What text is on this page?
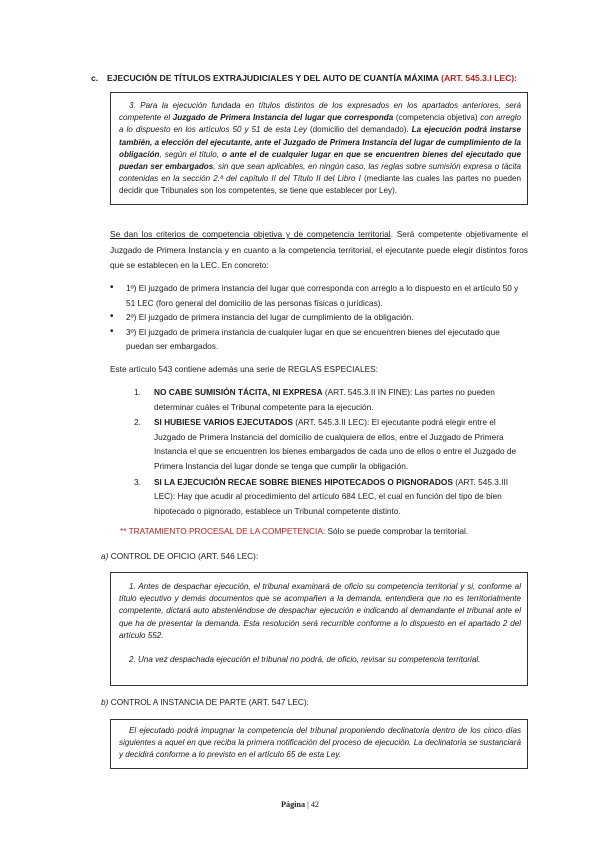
c. EJECUCIÓN DE TÍTULOS EXTRAJUDICIALES Y DEL AUTO DE CUANTÍA MÁXIMA (ART. 545.3.I LEC):

3. Para la ejecución fundada en títulos distintos de los expresados en los apartados anteriores, será competente el Juzgado de Primera Instancia del lugar que corresponda (competencia objetiva) con arreglo a lo dispuesto en los artículos 50 y 51 de esta Ley (domicilio del demandado). La ejecución podrá instarse también, a elección del ejecutante, ante el Juzgado de Primera Instancia del lugar de cumplimiento de la obligación, según el título, o ante el de cualquier lugar en que se encuentren bienes del ejecutado que puedan ser embargados, sin que sean aplicables, en ningún caso, las reglas sobre sumisión expresa o tácita contenidas en la sección 2.ª del capítulo II del Título II del Libro I (mediante las cuales las partes no pueden decidir que Tribunales son los competentes, se tiene que establecer por Ley).

Se dan los criterios de competencia objetiva y de competencia territorial. Será competente objetivamente el Juzgado de Primera Instancia y en cuanto a la competencia territorial, el ejecutante puede elegir distintos foros que se establecen en la LEC. En concreto:
• 1º) El juzgado de primera instancia del lugar que corresponda con arreglo a lo dispuesto en el artículo 50 y 51 LEC (foro general del domicilio de las personas físicas o jurídicas).
• 2º) El juzgado de primera instancia del lugar de cumplimiento de la obligación.
• 3º) El juzgado de primera instancia de cualquier lugar en que se encuentren bienes del ejecutado que puedan ser embargados.
Este artículo 543 contiene además una serie de REGLAS ESPECIALES:
1. NO CABE SUMISIÓN TÁCITA, NI EXPRESA (ART. 545.3.II IN FINE): Las partes no pueden determinar cuáles el Tribunal competente para la ejecución.
2. SI HUBIESE VARIOS EJECUTADOS (ART. 545.3.II LEC): El ejecutante podrá elegir entre el Juzgado de Primera Instancia del domicilio de cualquiera de ellos, entre el Juzgado de Primera Instancia el que se encuentren los bienes embargados de cada uno de ellos o entre el Juzgado de Primera Instancia del lugar donde se tenga que cumplir la obligación.
3. SI LA EJECUCIÓN RECAE SOBRE BIENES HIPOTECADOS O PIGNORADOS (ART. 545.3.III LEC): Hay que acudir al procedimiento del artículo 684 LEC, el cual en función del tipo de bien hipotecado o pignorado, establece un Tribunal competente distinto.
** TRATAMIENTO PROCESAL DE LA COMPETENCIA: Sólo se puede comprobar la territorial.
a) CONTROL DE OFICIO (ART. 546 LEC):

1. Antes de despachar ejecución, el tribunal examinará de oficio su competencia territorial y si, conforme al título ejecutivo y demás documentos que se acompañen a la demanda, entendiera que no es territorialmente competente, dictará auto absteniéndose de despachar ejecución e indicando al demandante el tribunal ante el que ha de presentar la demanda. Esta resolución será recurrible conforme a lo dispuesto en el apartado 2 del artículo 552.

2. Una vez despachada ejecución el tribunal no podrá, de oficio, revisar su competencia territorial.

b) CONTROL A INSTANCIA DE PARTE (ART. 547 LEC):

El ejecutado podrá impugnar la competencia del tribunal proponiendo declinatoria dentro de los cinco días siguientes a aquel en que reciba la primera notificación del proceso de ejecución. La declinatoria se sustanciará y decidirá conforme a lo previsto en el artículo 65 de esta Ley.

Página | 42
